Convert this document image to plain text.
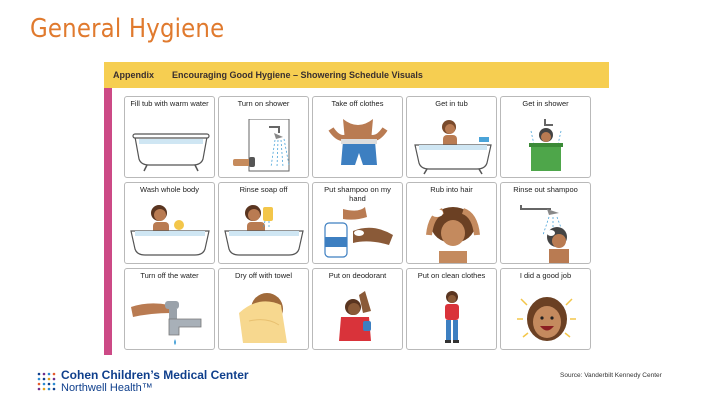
General Hygiene
Appendix	Encouraging Good Hygiene – Showering Schedule Visuals
Fill tub with warm water	Turn on shower	Take off clothes	Get in tub	Get in shower
Wash whole body	Rinse soap off	Put shampoo on my hand
Rub into hair	Rinse out shampoo
Turn off the water	Dry off with towel	Put on deodorant	Put on clean clothes	I did a good job
Cohen Children’s Medical Center
Northwell Health™
Source: Vanderbilt Kennedy Center
